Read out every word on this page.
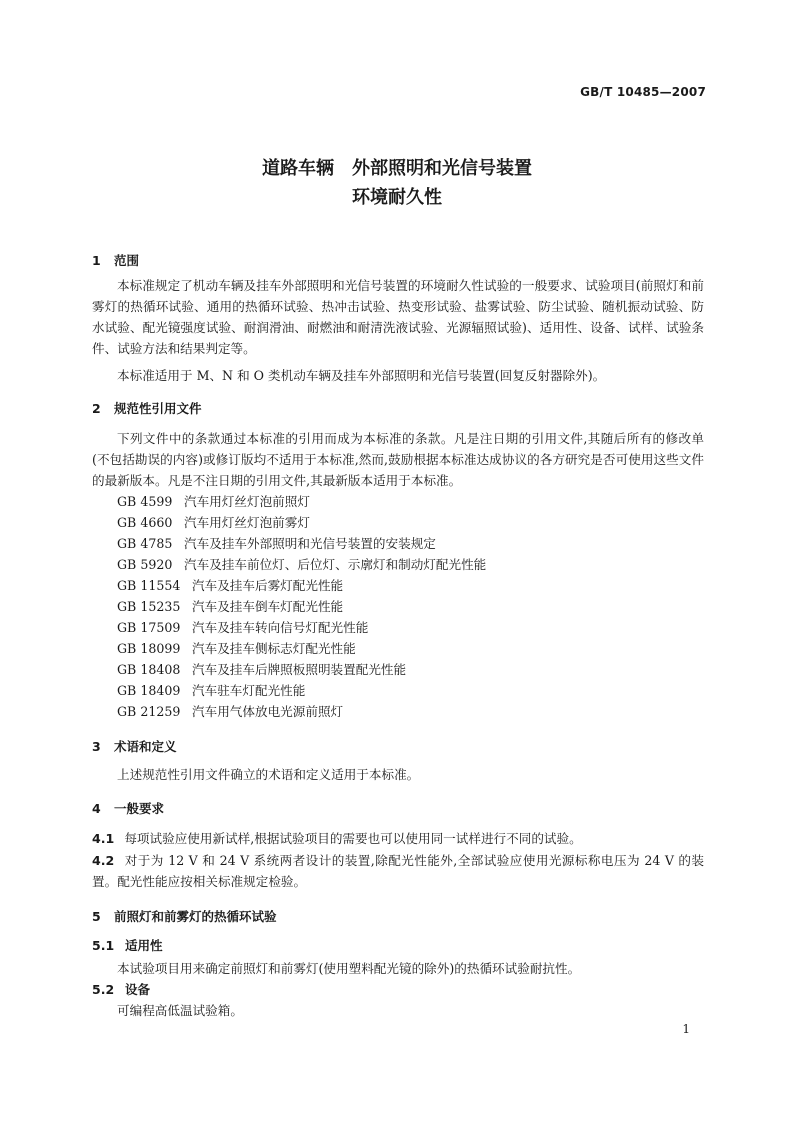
GB/T 10485—2007
道路车辆　外部照明和光信号装置
环境耐久性
1 范围
本标准规定了机动车辆及挂车外部照明和光信号装置的环境耐久性试验的一般要求、试验项目(前照灯和前雾灯的热循环试验、通用的热循环试验、热冲击试验、热变形试验、盐雾试验、防尘试验、随机振动试验、防水试验、配光镜强度试验、耐润滑油、耐燃油和耐清洗液试验、光源辐照试验)、适用性、设备、试样、试验条件、试验方法和结果判定等。
本标准适用于 M、N 和 O 类机动车辆及挂车外部照明和光信号装置(回复反射器除外)。
2 规范性引用文件
下列文件中的条款通过本标准的引用而成为本标准的条款。凡是注日期的引用文件,其随后所有的修改单(不包括勘误的内容)或修订版均不适用于本标准,然而,鼓励根据本标准达成协议的各方研究是否可使用这些文件的最新版本。凡是不注日期的引用文件,其最新版本适用于本标准。
GB 4599 汽车用灯丝灯泡前照灯
GB 4660 汽车用灯丝灯泡前雾灯
GB 4785 汽车及挂车外部照明和光信号装置的安装规定
GB 5920 汽车及挂车前位灯、后位灯、示廓灯和制动灯配光性能
GB 11554 汽车及挂车后雾灯配光性能
GB 15235 汽车及挂车倒车灯配光性能
GB 17509 汽车及挂车转向信号灯配光性能
GB 18099 汽车及挂车侧标志灯配光性能
GB 18408 汽车及挂车后牌照板照明装置配光性能
GB 18409 汽车驻车灯配光性能
GB 21259 汽车用气体放电光源前照灯
3 术语和定义
上述规范性引用文件确立的术语和定义适用于本标准。
4 一般要求
4.1 每项试验应使用新试样,根据试验项目的需要也可以使用同一试样进行不同的试验。
4.2 对于为 12 V 和 24 V 系统两者设计的装置,除配光性能外,全部试验应使用光源标称电压为 24 V 的装置。配光性能应按相关标准规定检验。
5 前照灯和前雾灯的热循环试验
5.1 适用性
本试验项目用来确定前照灯和前雾灯(使用塑料配光镜的除外)的热循环试验耐抗性。
5.2 设备
可编程高低温试验箱。
1
